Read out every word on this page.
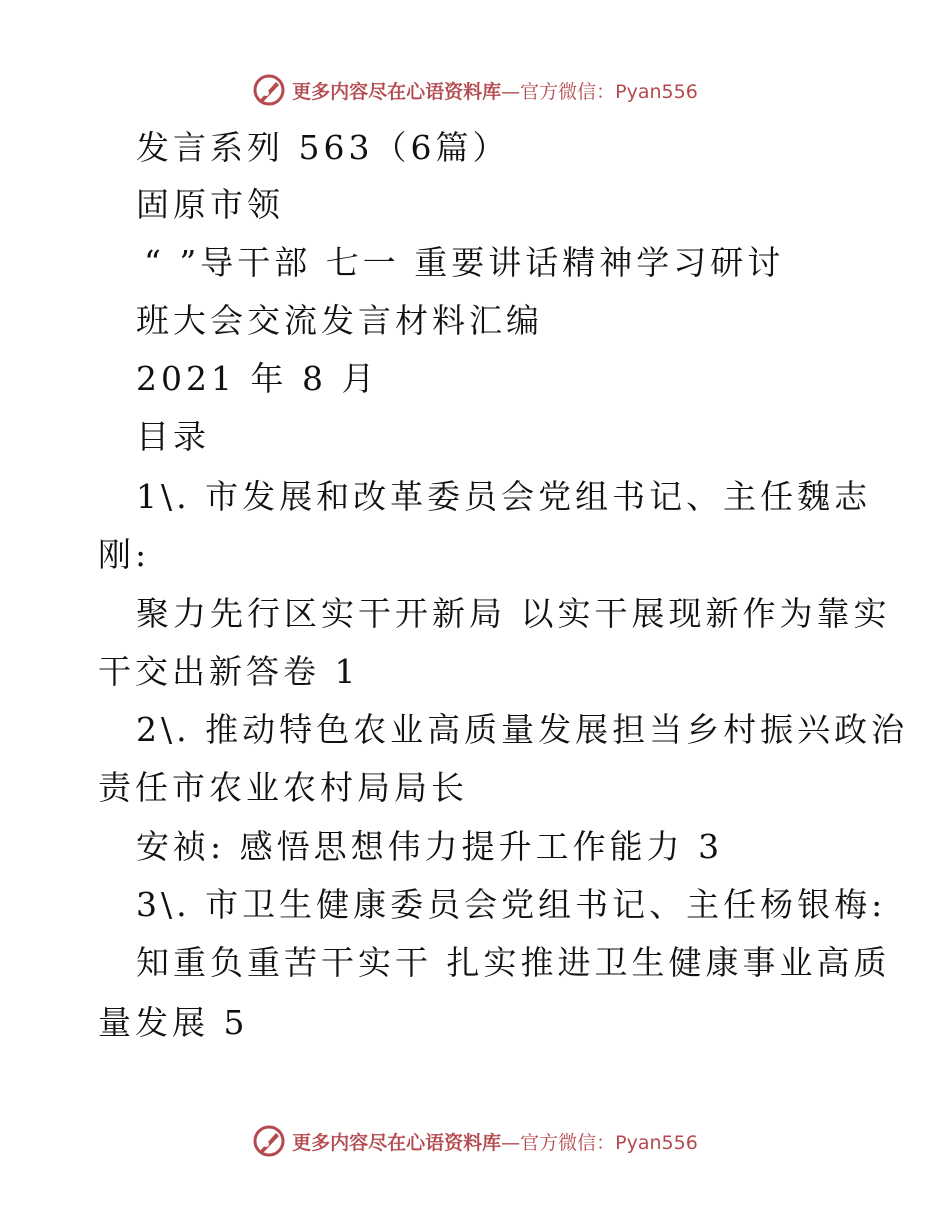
更多内容尽在心语资料库—官方微信：Pyan556
发言系列 563（6篇）
固原市领
“ ”导干部 七一 重要讲话精神学习研讨
班大会交流发言材料汇编
2021 年 8 月
目录
1\. 市发展和改革委员会党组书记、主任魏志
刚:
聚力先行区实干开新局 以实干展现新作为靠实
干交出新答卷 1
2\. 推动特色农业高质量发展担当乡村振兴政治
责任市农业农村局局长
安祯: 感悟思想伟力提升工作能力 3
3\. 市卫生健康委员会党组书记、主任杨银梅:
知重负重苦干实干 扎实推进卫生健康事业高质
量发展 5
更多内容尽在心语资料库—官方微信：Pyan556
